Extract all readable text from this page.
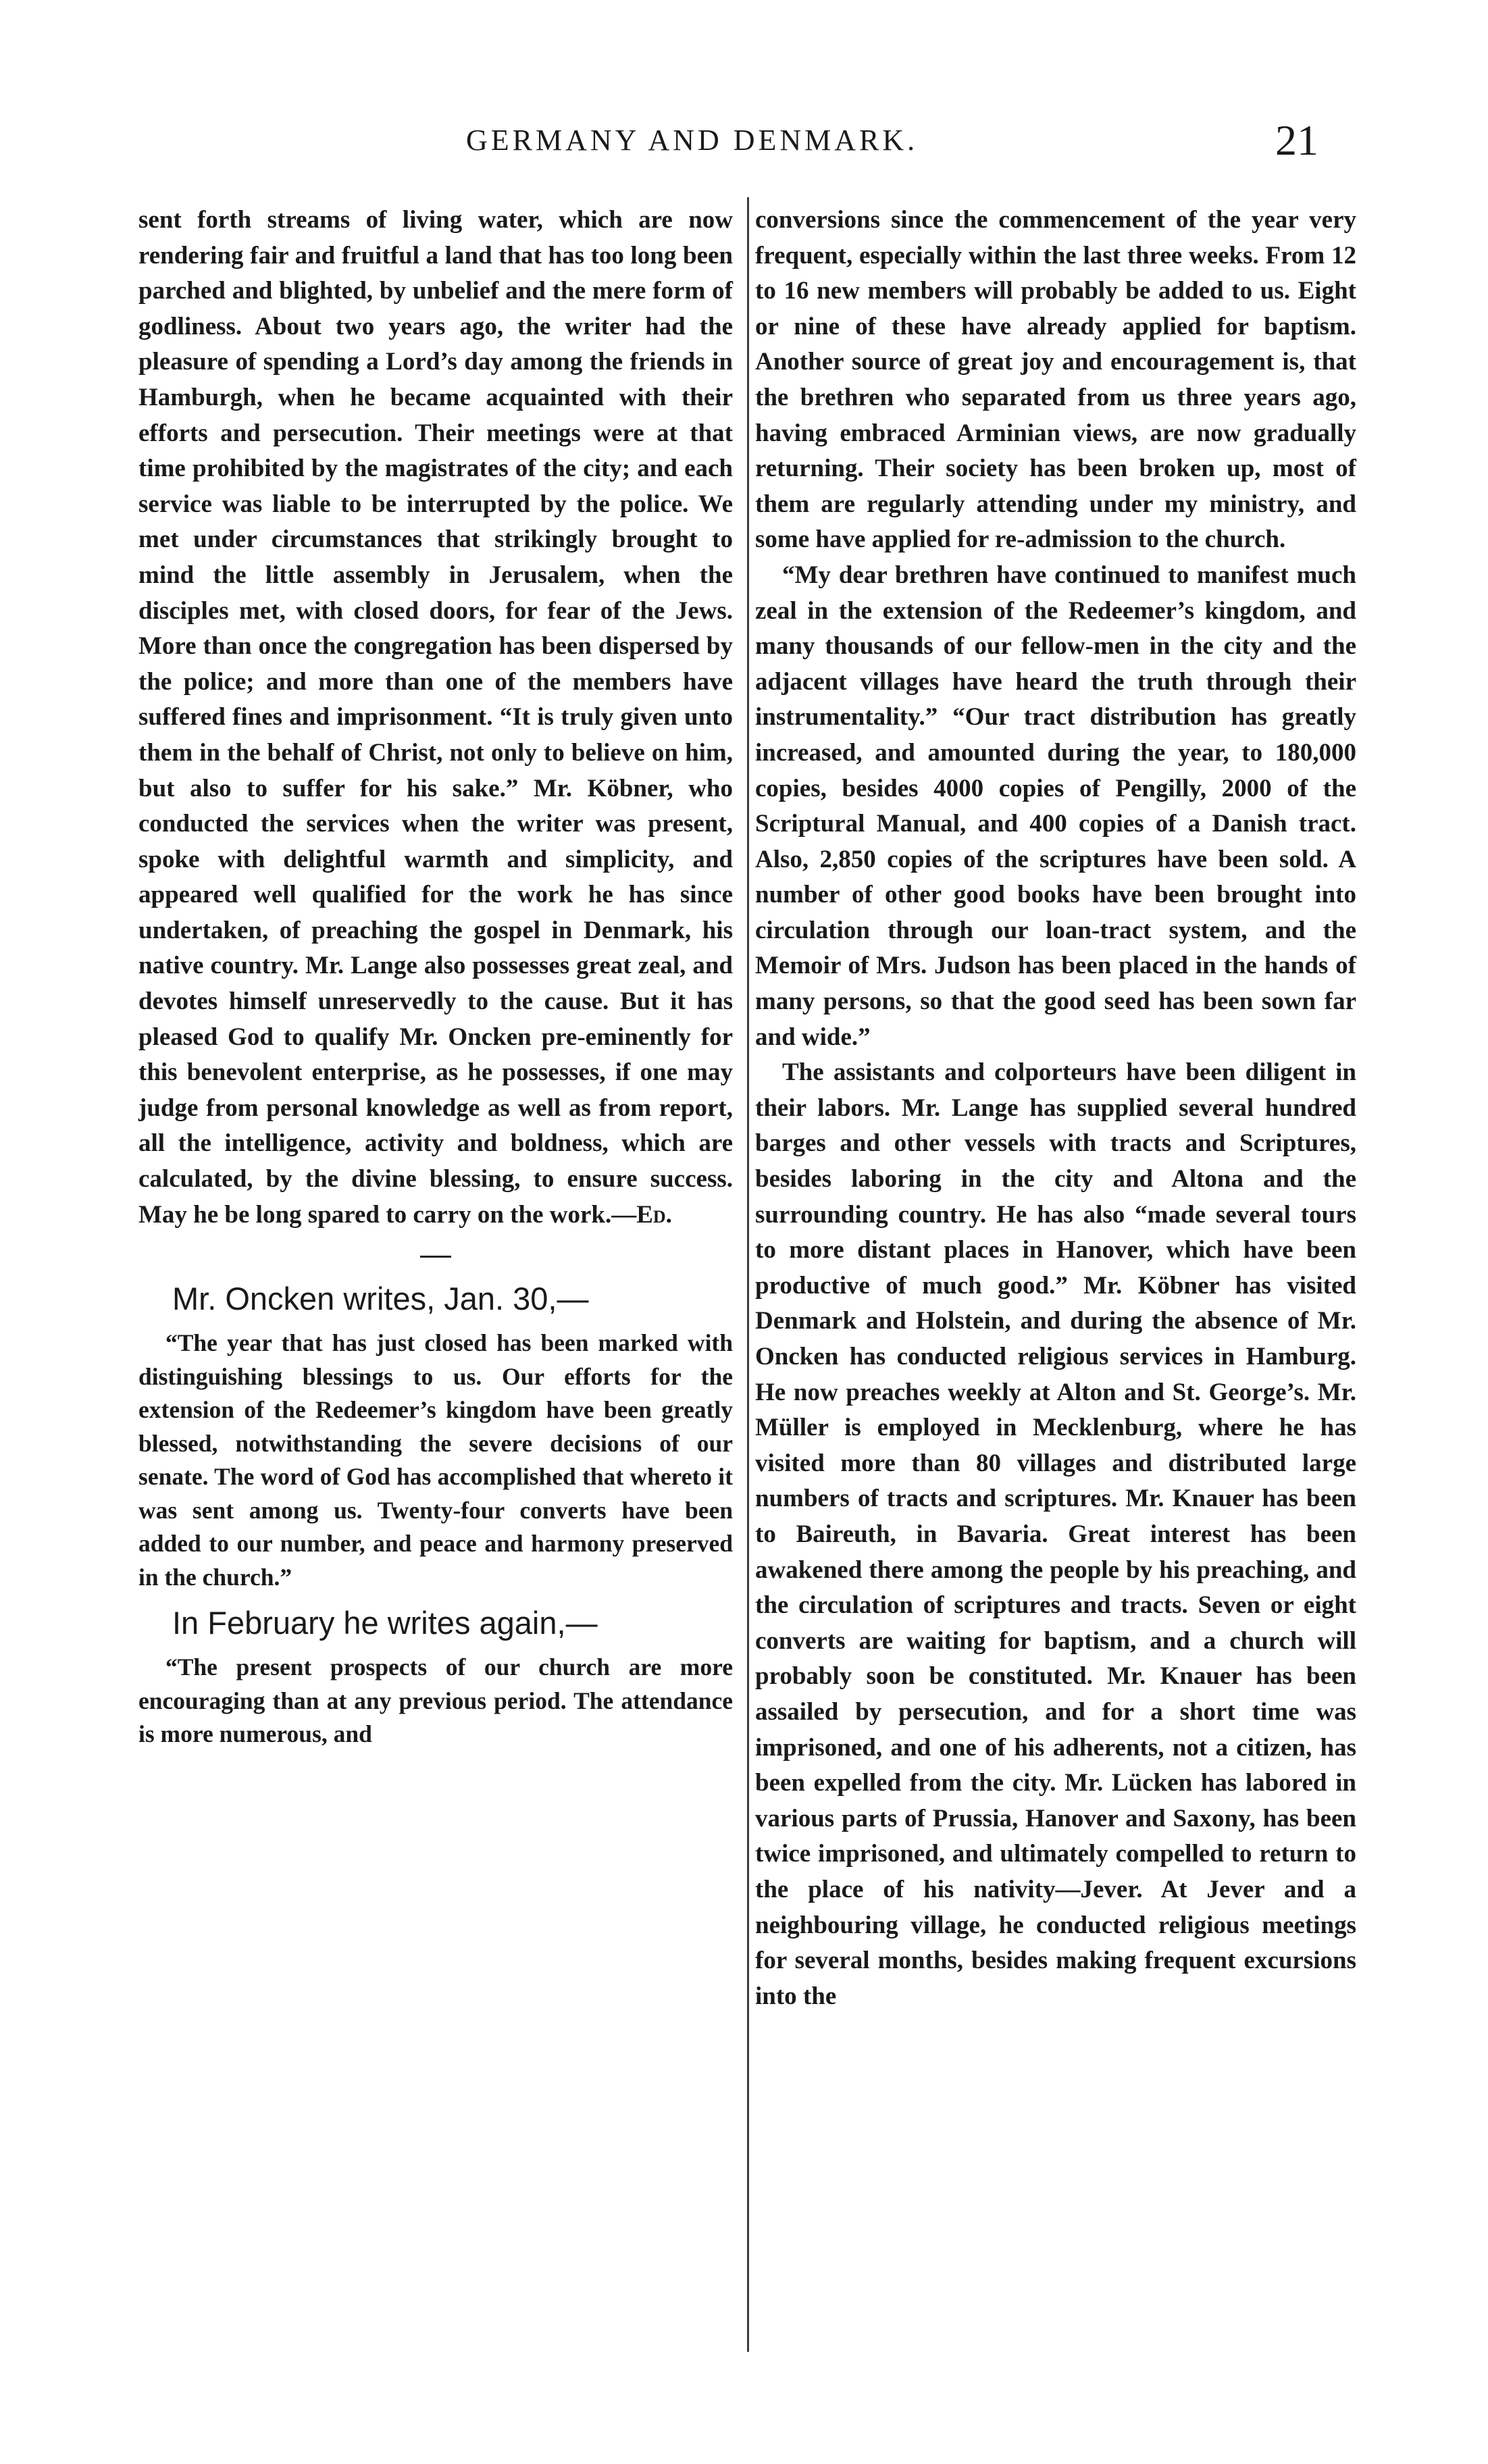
GERMANY AND DENMARK.	21

sent forth streams of living water, which are now rendering fair and fruitful a land that has too long been parched and blighted, by unbelief and the mere form of godliness. About two years ago, the writer had the pleasure of spending a Lord’s day among the friends in Hamburgh, when he became acquainted with their efforts and persecution. Their meetings were at that time prohibited by the magistrates of the city; and each service was liable to be interrupted by the police. We met under circumstances that strikingly brought to mind the little assembly in Jerusalem, when the disciples met, with closed doors, for fear of the Jews. More than once the congregation has been dispersed by the police; and more than one of the members have suffered fines and imprisonment. “It is truly given unto them in the behalf of Christ, not only to believe on him, but also to suffer for his sake.” Mr. Köbner, who conducted the services when the writer was present, spoke with delightful warmth and simplicity, and appeared well qualified for the work he has since undertaken, of preaching the gospel in Denmark, his native country. Mr. Lange also possesses great zeal, and devotes himself unreservedly to the cause. But it has pleased God to qualify Mr. Oncken pre-eminently for this benevolent enterprise, as he possesses, if one may judge from personal knowledge as well as from report, all the intelligence, activity and boldness, which are calculated, by the divine blessing, to ensure success. May he be long spared to carry on the work.—Ed.

Mr. Oncken writes, Jan. 30,—

“The year that has just closed has been marked with distinguishing blessings to us. Our efforts for the extension of the Redeemer’s kingdom have been greatly blessed, notwithstanding the severe decisions of our senate. The word of God has accomplished that whereto it was sent among us. Twenty-four converts have been added to our number, and peace and harmony preserved in the church.”

In February he writes again,—

“The present prospects of our church are more encouraging than at any previous period. The attendance is more numerous, and

conversions since the commencement of the year very frequent, especially within the last three weeks. From 12 to 16 new members will probably be added to us. Eight or nine of these have already applied for baptism. Another source of great joy and encouragement is, that the brethren who separated from us three years ago, having embraced Arminian views, are now gradually returning. Their society has been broken up, most of them are regularly attending under my ministry, and some have applied for re-admission to the church.

“My dear brethren have continued to manifest much zeal in the extension of the Redeemer’s kingdom, and many thousands of our fellow-men in the city and the adjacent villages have heard the truth through their instrumentality.” “Our tract distribution has greatly increased, and amounted during the year, to 180,000 copies, besides 4000 copies of Pengilly, 2000 of the Scriptural Manual, and 400 copies of a Danish tract. Also, 2,850 copies of the scriptures have been sold. A number of other good books have been brought into circulation through our loan-tract system, and the Memoir of Mrs. Judson has been placed in the hands of many persons, so that the good seed has been sown far and wide.”

The assistants and colporteurs have been diligent in their labors. Mr. Lange has supplied several hundred barges and other vessels with tracts and Scriptures, besides laboring in the city and Altona and the surrounding country. He has also “made several tours to more distant places in Hanover, which have been productive of much good.” Mr. Köbner has visited Denmark and Holstein, and during the absence of Mr. Oncken has conducted religious services in Hamburg. He now preaches weekly at Alton and St. George’s. Mr. Müller is employed in Mecklenburg, where he has visited more than 80 villages and distributed large numbers of tracts and scriptures. Mr. Knauer has been to Baireuth, in Bavaria. Great interest has been awakened there among the people by his preaching, and the circulation of scriptures and tracts. Seven or eight converts are waiting for baptism, and a church will probably soon be constituted. Mr. Knauer has been assailed by persecution, and for a short time was imprisoned, and one of his adherents, not a citizen, has been expelled from the city. Mr. Lücken has labored in various parts of Prussia, Hanover and Saxony, has been twice imprisoned, and ultimately compelled to return to the place of his nativity—Jever. At Jever and a neighbouring village, he conducted religious meetings for several months, besides making frequent excursions into the
